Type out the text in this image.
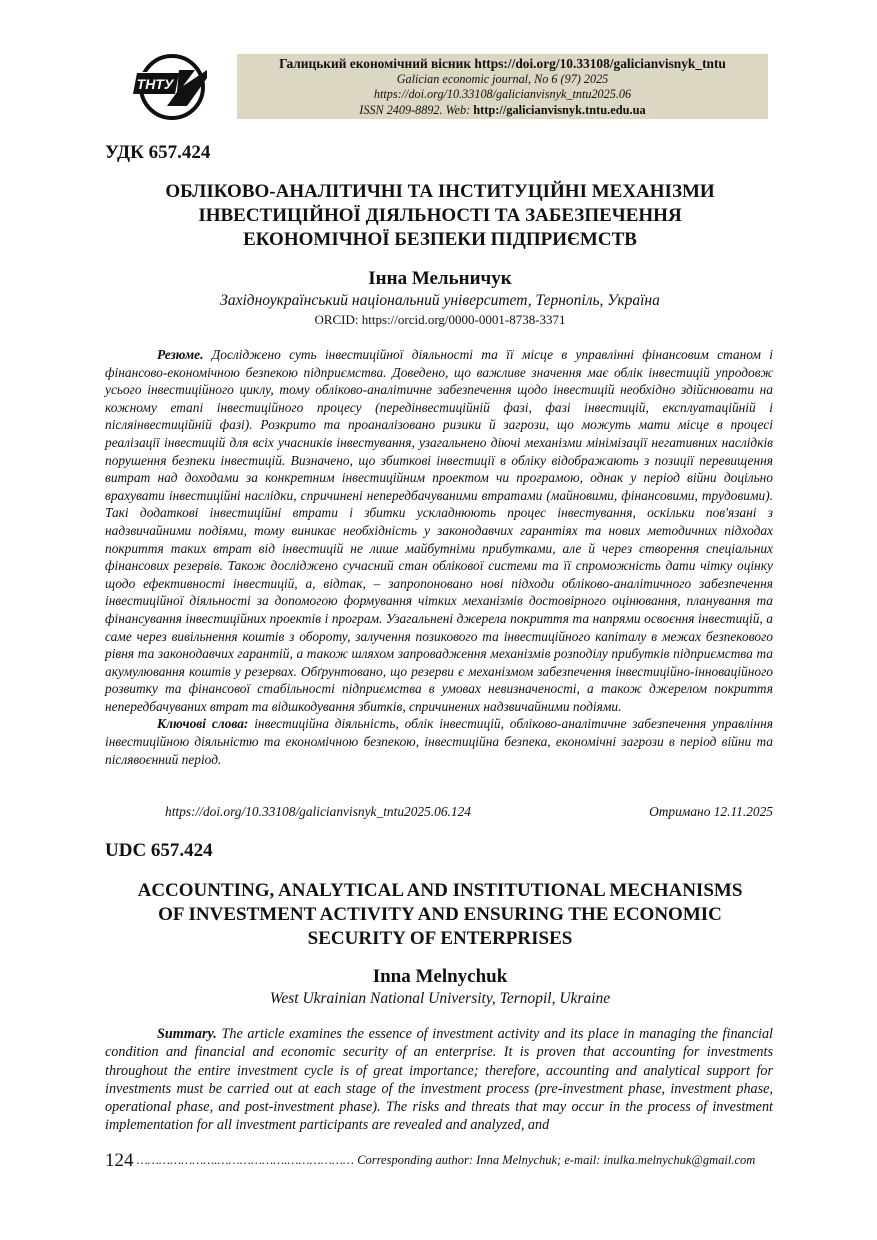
ТНТУ
Галицький економічний вісник https://doi.org/10.33108/galicianvisnyk_tntu
Galician economic journal, No 6 (97) 2025
https://doi.org/10.33108/galicianvisnyk_tntu2025.06
ISSN 2409-8892. Web: http://galicianvisnyk.tntu.edu.ua
УДК 657.424
ОБЛІКОВО-АНАЛІТИЧНІ ТА ІНСТИТУЦІЙНІ МЕХАНІЗМИ
ІНВЕСТИЦІЙНОЇ ДІЯЛЬНОСТІ ТА ЗАБЕЗПЕЧЕННЯ
ЕКОНОМІЧНОЇ БЕЗПЕКИ ПІДПРИЄМСТВ
Інна Мельничук
Західноукраїнський національний університет, Тернопіль, Україна
ORCID: https://orcid.org/0000-0001-8738-3371

Резюме. Досліджено суть інвестиційної діяльності та її місце в управлінні фінансовим станом і фінансово-економічною безпекою підприємства. Доведено, що важливе значення має облік інвестицій упродовж усього інвестиційного циклу, тому обліково-аналітичне забезпечення щодо інвестицій необхідно здійснювати на кожному етапі інвестиційного процесу (передінвестиційній фазі, фазі інвестицій, експлуатаційній і післяінвестиційній фазі). Розкрито та проаналізовано ризики й загрози, що можуть мати місце в процесі реалізації інвестицій для всіх учасників інвестування, узагальнено діючі механізми мінімізації негативних наслідків порушення безпеки інвестицій. Визначено, що збиткові інвестиції в обліку відображають з позиції перевищення витрат над доходами за конкретним інвестиційним проектом чи програмою, однак у період війни доцільно врахувати інвестиційні наслідки, спричинені непередбачуваними втратами (майновими, фінансовими, трудовими). Такі додаткові інвестиційні втрати і збитки ускладнюють процес інвестування, оскільки пов'язані з надзвичайними подіями, тому виникає необхідність у законодавчих гарантіях та нових методичних підходах покриття таких втрат від інвестицій не лише майбутніми прибутками, але й через створення спеціальних фінансових резервів. Також досліджено сучасний стан облікової системи та її спроможність дати чітку оцінку щодо ефективності інвестицій, а, відтак, – запропоновано нові підходи обліково-аналітичного забезпечення інвестиційної діяльності за допомогою формування чітких механізмів достовірного оцінювання, планування та фінансування інвестиційних проектів і програм. Узагальнені джерела покриття та напрями освоєння інвестицій, а саме через вивільнення коштів з обороту, залучення позикового та інвестиційного капіталу в межах безпекового рівня та законодавчих гарантій, а також шляхом запровадження механізмів розподілу прибутків підприємства та акумулювання коштів у резервах. Обґрунтовано, що резерви є механізмом забезпечення інвестиційно-інноваційного розвитку та фінансової стабільності підприємства в умовах невизначеності, а також джерелом покриття непередбачуваних втрат та відшкодування збитків, спричинених надзвичайними подіями.

Ключові слова: інвестиційна діяльність, облік інвестицій, обліково-аналітичне забезпечення управління інвестиційною діяльністю та економічною безпекою, інвестиційна безпека, економічні загрози в період війни та післявоєнний період.

https://doi.org/10.33108/galicianvisnyk_tntu2025.06.124	Отримано 12.11.2025
UDC 657.424
ACCOUNTING, ANALYTICAL AND INSTITUTIONAL MECHANISMS
OF INVESTMENT ACTIVITY AND ENSURING THE ECONOMIC
SECURITY OF ENTERPRISES
Inna Melnychuk
West Ukrainian National University, Ternopil, Ukraine

Summary. The article examines the essence of investment activity and its place in managing the financial condition and financial and economic security of an enterprise. It is proven that accounting for investments throughout the entire investment cycle is of great importance; therefore, accounting and analytical support for investments must be carried out at each stage of the investment process (pre-investment phase, investment phase, operational phase, and post-investment phase). The risks and threats that may occur in the process of investment implementation for all investment participants are revealed and analyzed, and

124 ………………….……………….……………… Corresponding author: Inna Melnychuk; e-mail: inulka.melnychuk@gmail.com
